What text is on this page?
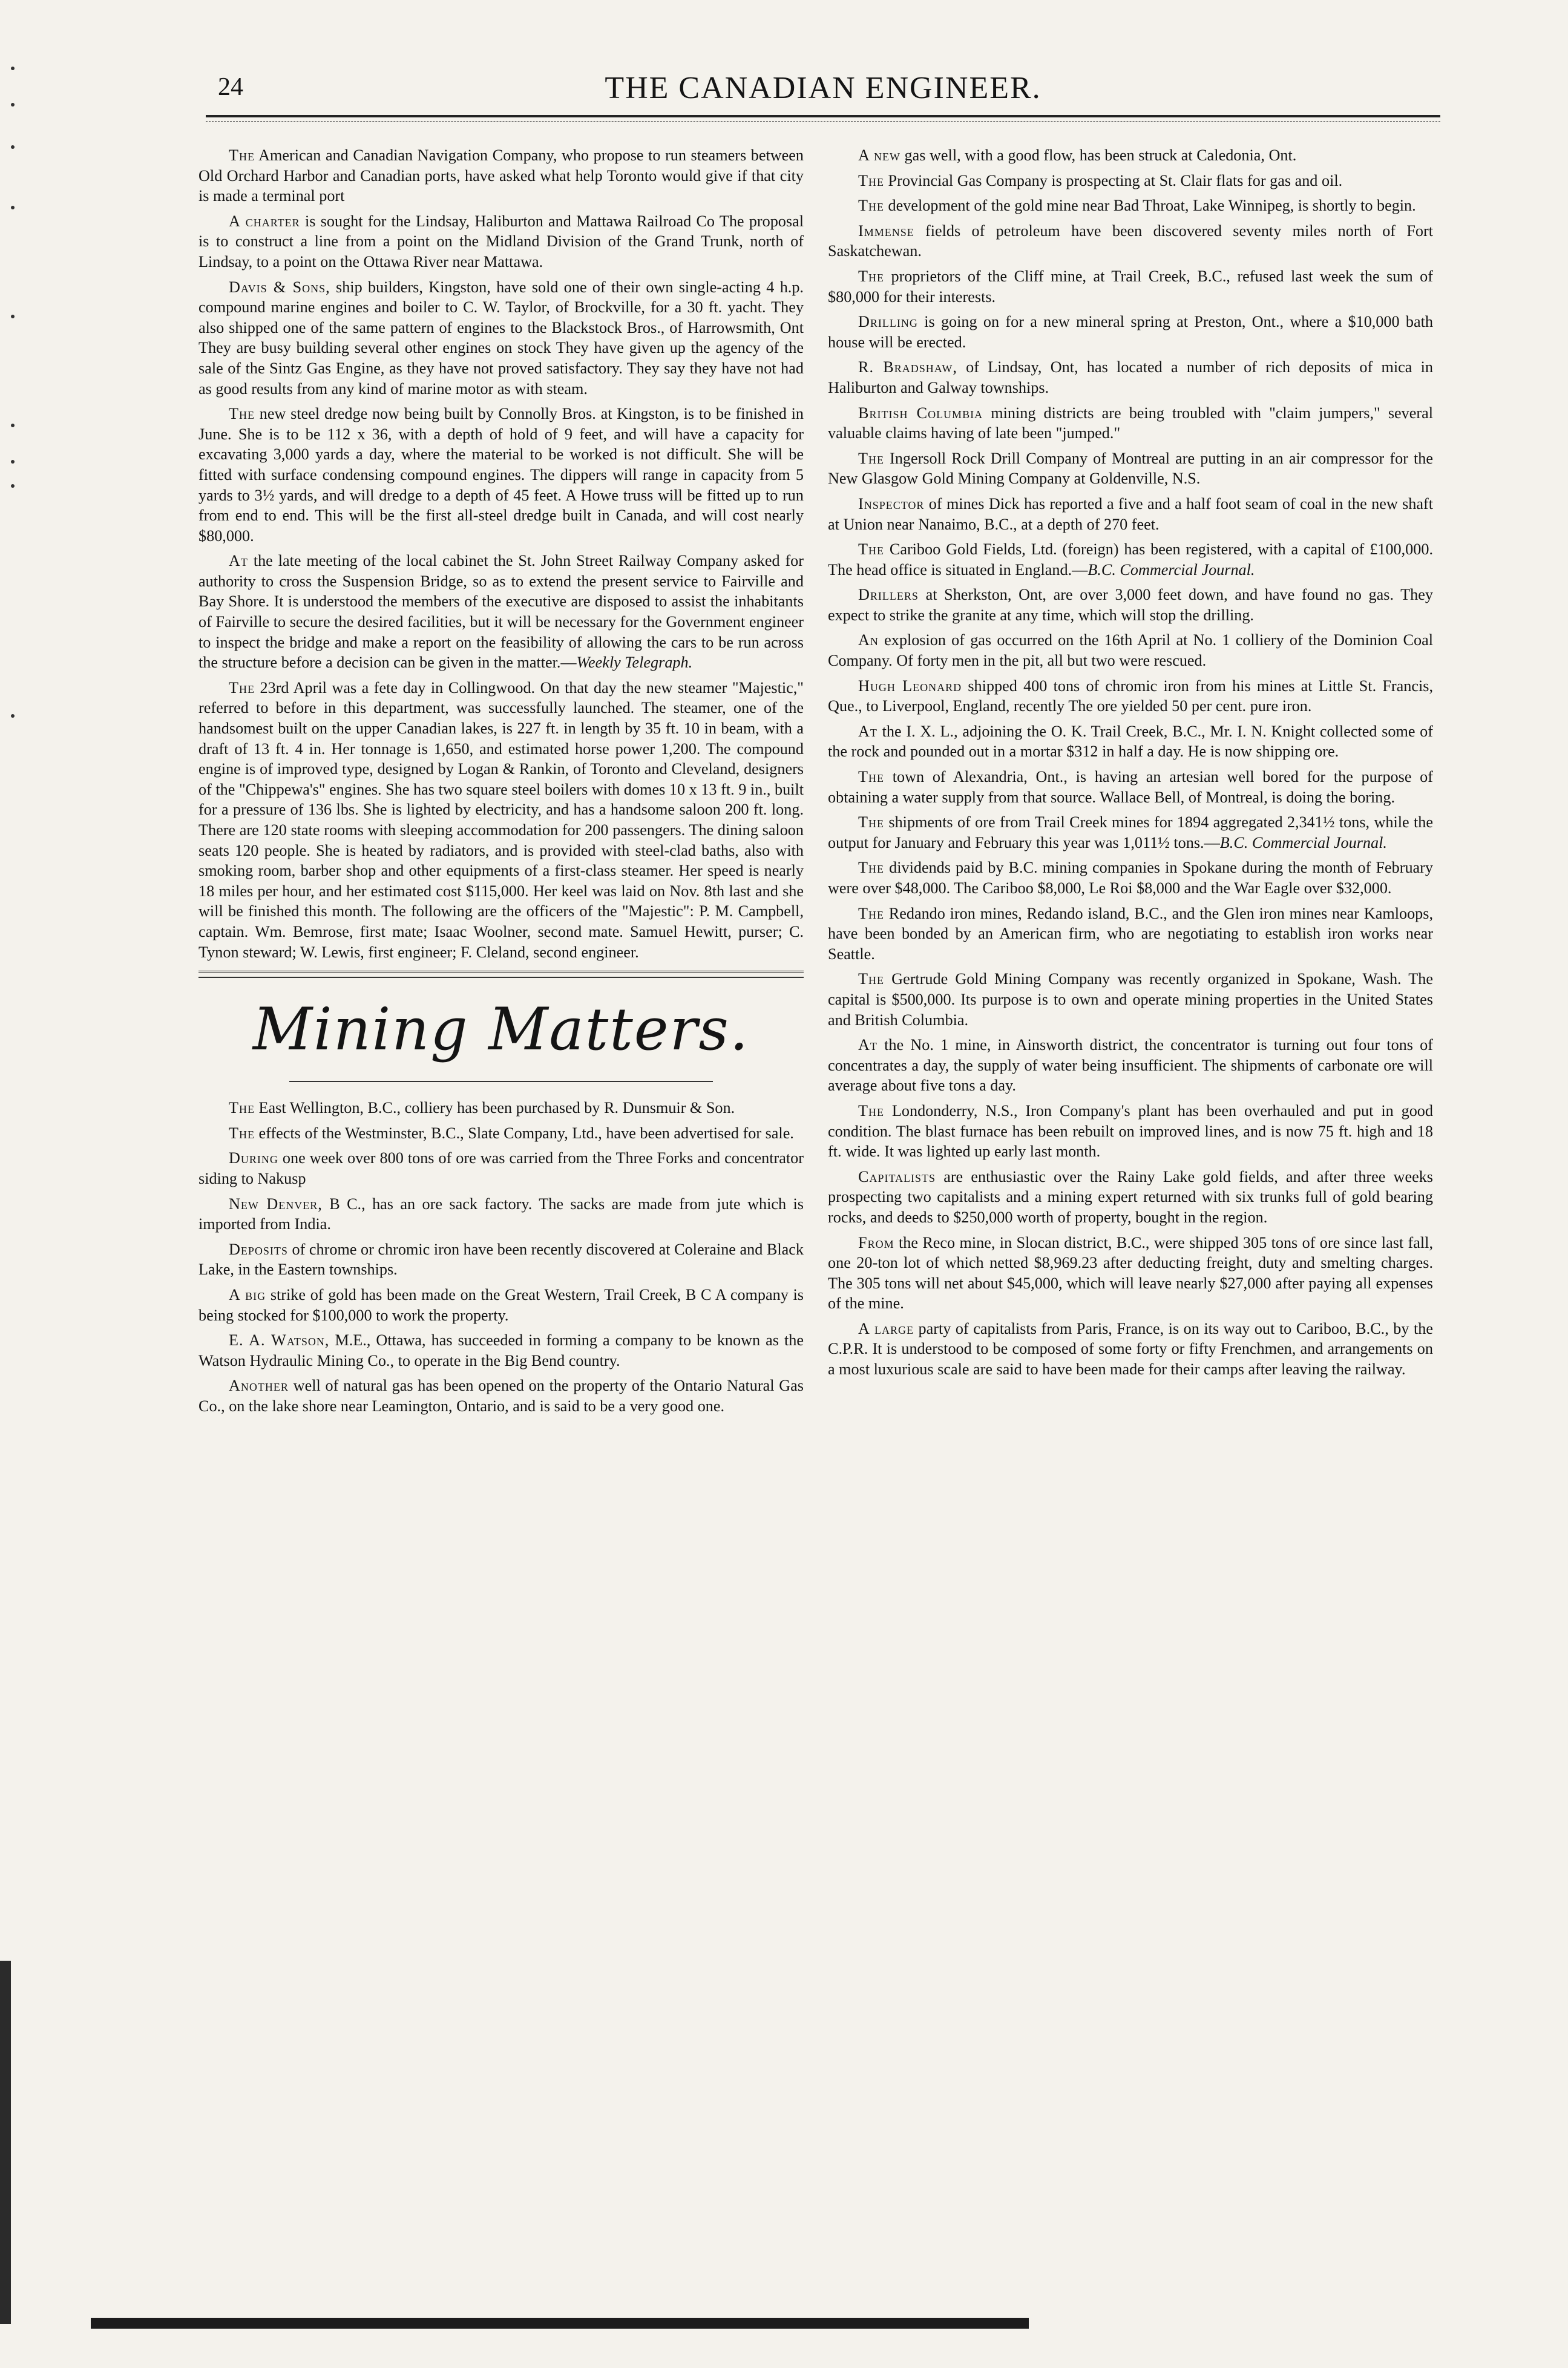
24	THE CANADIAN ENGINEER.

The American and Canadian Navigation Company, who propose to run steamers between Old Orchard Harbor and Canadian ports, have asked what help Toronto would give if that city is made a terminal port

A charter is sought for the Lindsay, Haliburton and Mattawa Railroad Co The proposal is to construct a line from a point on the Midland Division of the Grand Trunk, north of Lindsay, to a point on the Ottawa River near Mattawa.

Davis & Sons, ship builders, Kingston, have sold one of their own single-acting 4 h.p. compound marine engines and boiler to C. W. Taylor, of Brockville, for a 30 ft. yacht. They also shipped one of the same pattern of engines to the Blackstock Bros., of Harrowsmith, Ont They are busy building several other engines on stock They have given up the agency of the sale of the Sintz Gas Engine, as they have not proved satisfactory. They say they have not had as good results from any kind of marine motor as with steam.

The new steel dredge now being built by Connolly Bros. at Kingston, is to be finished in June. She is to be 112 x 36, with a depth of hold of 9 feet, and will have a capacity for excavating 3,000 yards a day, where the material to be worked is not difficult. She will be fitted with surface condensing compound engines. The dippers will range in capacity from 5 yards to 3½ yards, and will dredge to a depth of 45 feet. A Howe truss will be fitted up to run from end to end. This will be the first all-steel dredge built in Canada, and will cost nearly $80,000.

At the late meeting of the local cabinet the St. John Street Railway Company asked for authority to cross the Suspension Bridge, so as to extend the present service to Fairville and Bay Shore. It is understood the members of the executive are disposed to assist the inhabitants of Fairville to secure the desired facilities, but it will be necessary for the Government engineer to inspect the bridge and make a report on the feasibility of allowing the cars to be run across the structure before a decision can be given in the matter.—Weekly Telegraph.

The 23rd April was a fete day in Collingwood. On that day the new steamer "Majestic," referred to before in this department, was successfully launched. The steamer, one of the handsomest built on the upper Canadian lakes, is 227 ft. in length by 35 ft. 10 in beam, with a draft of 13 ft. 4 in. Her tonnage is 1,650, and estimated horse power 1,200. The compound engine is of improved type, designed by Logan & Rankin, of Toronto and Cleveland, designers of the "Chippewa's" engines. She has two square steel boilers with domes 10 x 13 ft. 9 in., built for a pressure of 136 lbs. She is lighted by electricity, and has a handsome saloon 200 ft. long. There are 120 state rooms with sleeping accommodation for 200 passengers. The dining saloon seats 120 people. She is heated by radiators, and is provided with steel-clad baths, also with smoking room, barber shop and other equipments of a first-class steamer. Her speed is nearly 18 miles per hour, and her estimated cost $115,000. Her keel was laid on Nov. 8th last and she will be finished this month. The following are the officers of the "Majestic": P. M. Campbell, captain. Wm. Bemrose, first mate; Isaac Woolner, second mate. Samuel Hewitt, purser; C. Tynon steward; W. Lewis, first engineer; F. Cleland, second engineer.

Mining Matters.

The East Wellington, B.C., colliery has been purchased by R. Dunsmuir & Son.

The effects of the Westminster, B.C., Slate Company, Ltd., have been advertised for sale.

During one week over 800 tons of ore was carried from the Three Forks and concentrator siding to Nakusp

New Denver, B C., has an ore sack factory. The sacks are made from jute which is imported from India.

Deposits of chrome or chromic iron have been recently discovered at Coleraine and Black Lake, in the Eastern townships.

A big strike of gold has been made on the Great Western, Trail Creek, B C A company is being stocked for $100,000 to work the property.

E. A. Watson, M.E., Ottawa, has succeeded in forming a company to be known as the Watson Hydraulic Mining Co., to operate in the Big Bend country.

Another well of natural gas has been opened on the property of the Ontario Natural Gas Co., on the lake shore near Leamington, Ontario, and is said to be a very good one.

A new gas well, with a good flow, has been struck at Caledonia, Ont.

The Provincial Gas Company is prospecting at St. Clair flats for gas and oil.

The development of the gold mine near Bad Throat, Lake Winnipeg, is shortly to begin.

Immense fields of petroleum have been discovered seventy miles north of Fort Saskatchewan.

The proprietors of the Cliff mine, at Trail Creek, B.C., refused last week the sum of $80,000 for their interests.

Drilling is going on for a new mineral spring at Preston, Ont., where a $10,000 bath house will be erected.

R. Bradshaw, of Lindsay, Ont, has located a number of rich deposits of mica in Haliburton and Galway townships.

British Columbia mining districts are being troubled with "claim jumpers," several valuable claims having of late been "jumped."

The Ingersoll Rock Drill Company of Montreal are putting in an air compressor for the New Glasgow Gold Mining Company at Goldenville, N.S.

Inspector of mines Dick has reported a five and a half foot seam of coal in the new shaft at Union near Nanaimo, B.C., at a depth of 270 feet.

The Cariboo Gold Fields, Ltd. (foreign) has been registered, with a capital of £100,000. The head office is situated in England.—B.C. Commercial Journal.

Drillers at Sherkston, Ont, are over 3,000 feet down, and have found no gas. They expect to strike the granite at any time, which will stop the drilling.

An explosion of gas occurred on the 16th April at No. 1 colliery of the Dominion Coal Company. Of forty men in the pit, all but two were rescued.

Hugh Leonard shipped 400 tons of chromic iron from his mines at Little St. Francis, Que., to Liverpool, England, recently The ore yielded 50 per cent. pure iron.

At the I. X. L., adjoining the O. K. Trail Creek, B.C., Mr. I. N. Knight collected some of the rock and pounded out in a mortar $312 in half a day. He is now shipping ore.

The town of Alexandria, Ont., is having an artesian well bored for the purpose of obtaining a water supply from that source. Wallace Bell, of Montreal, is doing the boring.

The shipments of ore from Trail Creek mines for 1894 aggregated 2,341½ tons, while the output for January and February this year was 1,011½ tons.—B.C. Commercial Journal.

The dividends paid by B.C. mining companies in Spokane during the month of February were over $48,000. The Cariboo $8,000, Le Roi $8,000 and the War Eagle over $32,000.

The Redando iron mines, Redando island, B.C., and the Glen iron mines near Kamloops, have been bonded by an American firm, who are negotiating to establish iron works near Seattle.

The Gertrude Gold Mining Company was recently organized in Spokane, Wash. The capital is $500,000. Its purpose is to own and operate mining properties in the United States and British Columbia.

At the No. 1 mine, in Ainsworth district, the concentrator is turning out four tons of concentrates a day, the supply of water being insufficient. The shipments of carbonate ore will average about five tons a day.

The Londonderry, N.S., Iron Company's plant has been overhauled and put in good condition. The blast furnace has been rebuilt on improved lines, and is now 75 ft. high and 18 ft. wide. It was lighted up early last month.

Capitalists are enthusiastic over the Rainy Lake gold fields, and after three weeks prospecting two capitalists and a mining expert returned with six trunks full of gold bearing rocks, and deeds to $250,000 worth of property, bought in the region.

From the Reco mine, in Slocan district, B.C., were shipped 305 tons of ore since last fall, one 20-ton lot of which netted $8,969.23 after deducting freight, duty and smelting charges. The 305 tons will net about $45,000, which will leave nearly $27,000 after paying all expenses of the mine.

A large party of capitalists from Paris, France, is on its way out to Cariboo, B.C., by the C.P.R. It is understood to be composed of some forty or fifty Frenchmen, and arrangements on a most luxurious scale are said to have been made for their camps after leaving the railway.
